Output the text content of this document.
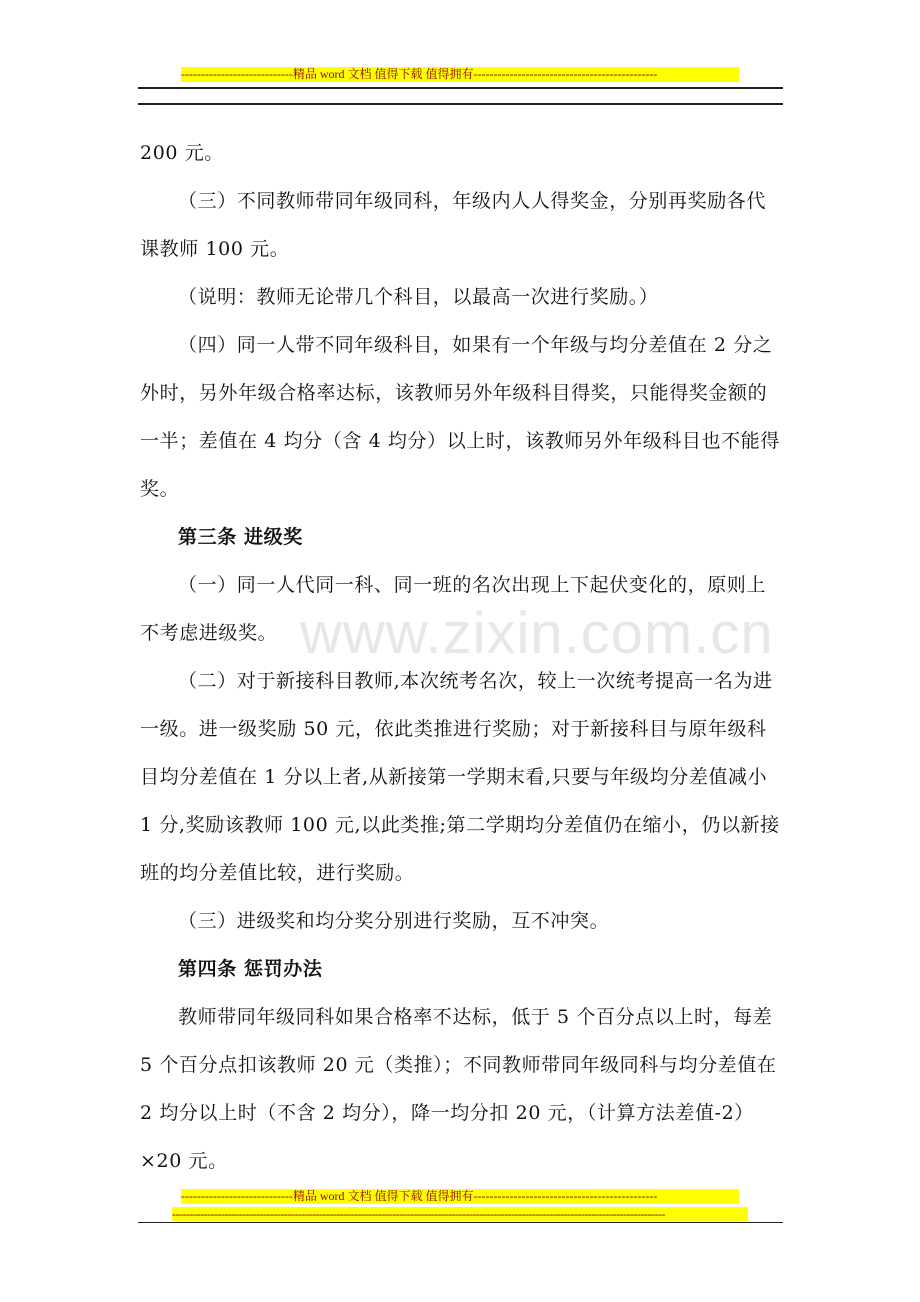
----------------------------精品 word 文档 值得下载 值得拥有----------------------------------------------

200 元。

（三）不同教师带同年级同科，年级内人人得奖金，分别再奖励各代课教师 100 元。

（说明：教师无论带几个科目，以最高一次进行奖励。）

（四）同一人带不同年级科目，如果有一个年级与均分差值在 2 分之外时，另外年级合格率达标，该教师另外年级科目得奖，只能得奖金额的一半；差值在 4 均分（含 4 均分）以上时，该教师另外年级科目也不能得奖。

第三条 进级奖

（一）同一人代同一科、同一班的名次出现上下起伏变化的，原则上不考虑进级奖。

（二）对于新接科目教师,本次统考名次，较上一次统考提高一名为进一级。进一级奖励 50 元，依此类推进行奖励；对于新接科目与原年级科目均分差值在 1 分以上者,从新接第一学期末看,只要与年级均分差值减小 1 分,奖励该教师 100 元,以此类推;第二学期均分差值仍在缩小，仍以新接班的均分差值比较，进行奖励。

（三）进级奖和均分奖分别进行奖励，互不冲突。

第四条 惩罚办法

教师带同年级同科如果合格率不达标，低于 5 个百分点以上时，每差 5 个百分点扣该教师 20 元（类推）；不同教师带同年级同科与均分差值在 2 均分以上时（不含 2 均分），降一均分扣 20 元，（计算方法差值-2）×20 元。

www.zixin.com.cn
----------------------------精品 word 文档 值得下载 值得拥有----------------------------------------------
---------------------------------------------------------------------------------------------------------------------------------------------
